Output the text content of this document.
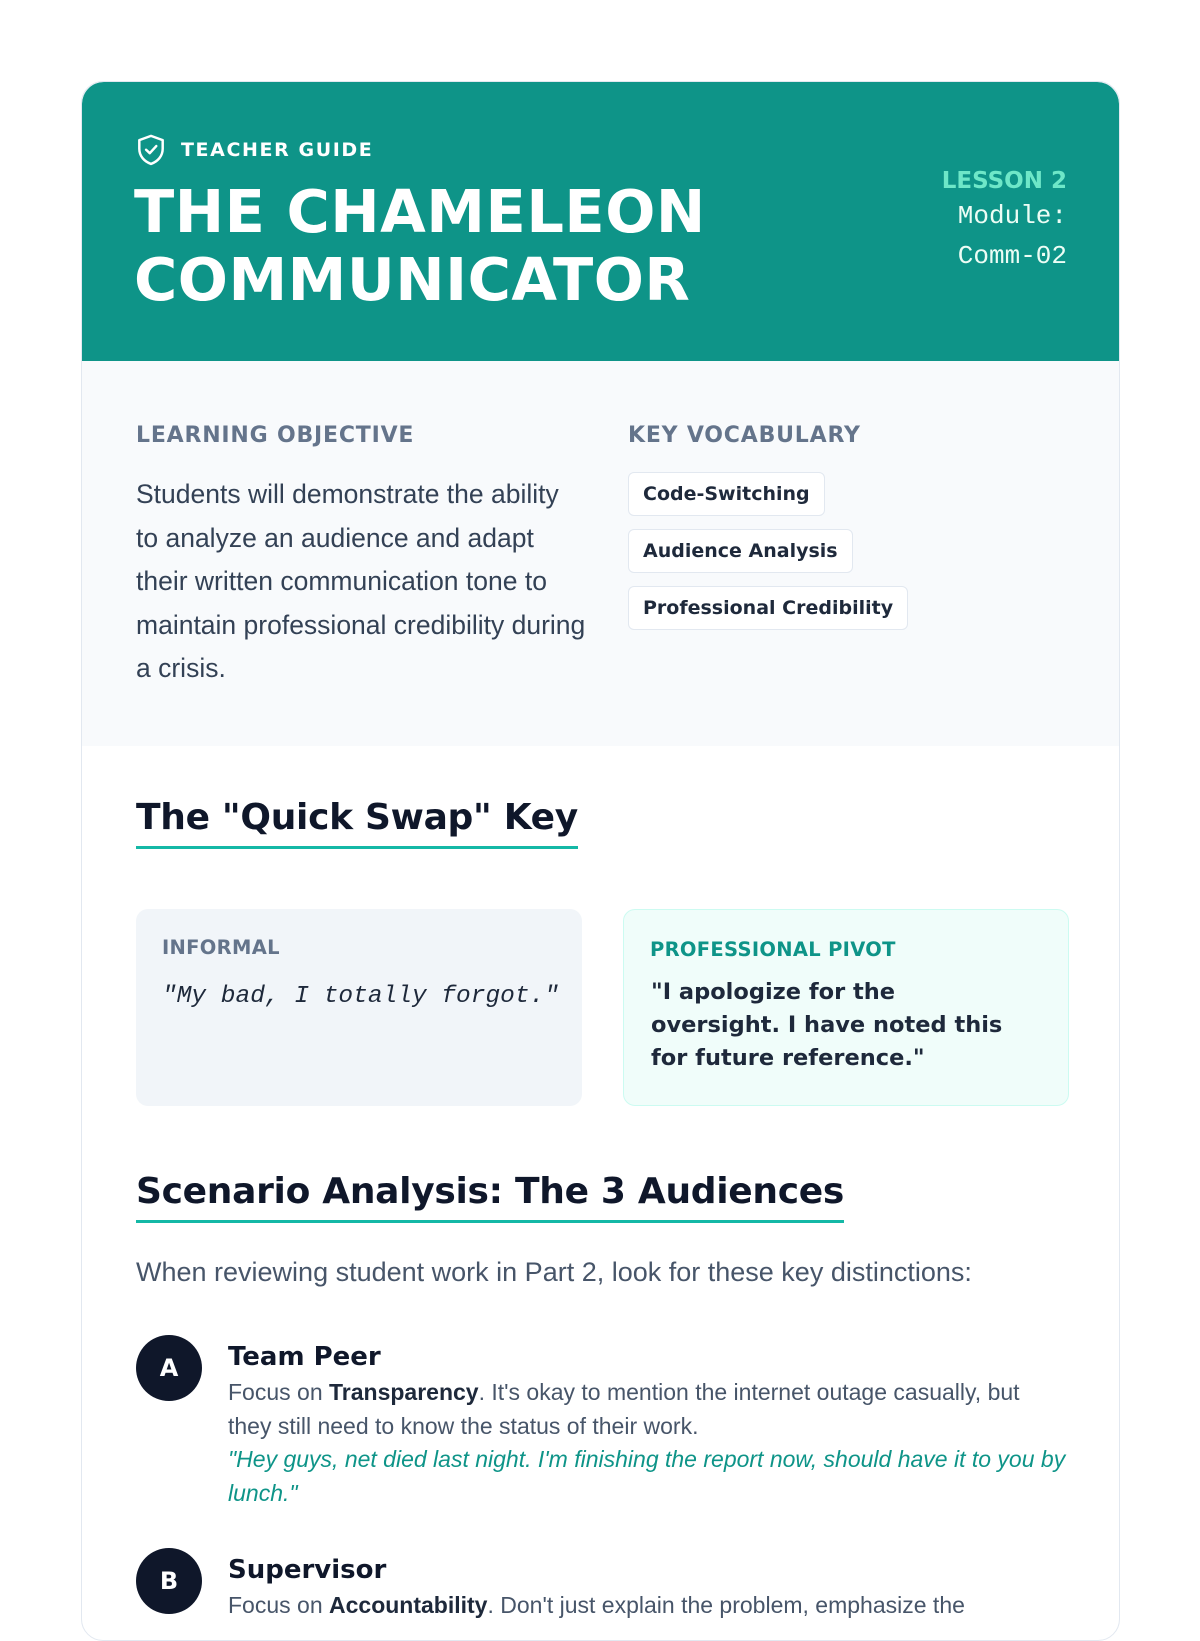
TEACHER GUIDE
THE CHAMELEON
COMMUNICATOR
LESSON 2
Module: Comm-02
LEARNING OBJECTIVE

Students will demonstrate the ability to analyze an audience and adapt their written communication tone to maintain professional credibility during a crisis.

KEY VOCABULARY
Code-Switching
Audience Analysis
Professional Credibility
The "Quick Swap" Key
INFORMAL
"My bad, I totally forgot."
PROFESSIONAL PIVOT
"I apologize for the oversight. I have noted this for future reference."
Scenario Analysis: The 3 Audiences

When reviewing student work in Part 2, look for these key distinctions:

A	Team Peer
Focus on Transparency. It's okay to mention the internet outage casually, but they still need to know the status of their work.
"Hey guys, net died last night. I'm finishing the report now, should have it to you by lunch."
B	Supervisor
Focus on Accountability. Don't just explain the problem, emphasize the
